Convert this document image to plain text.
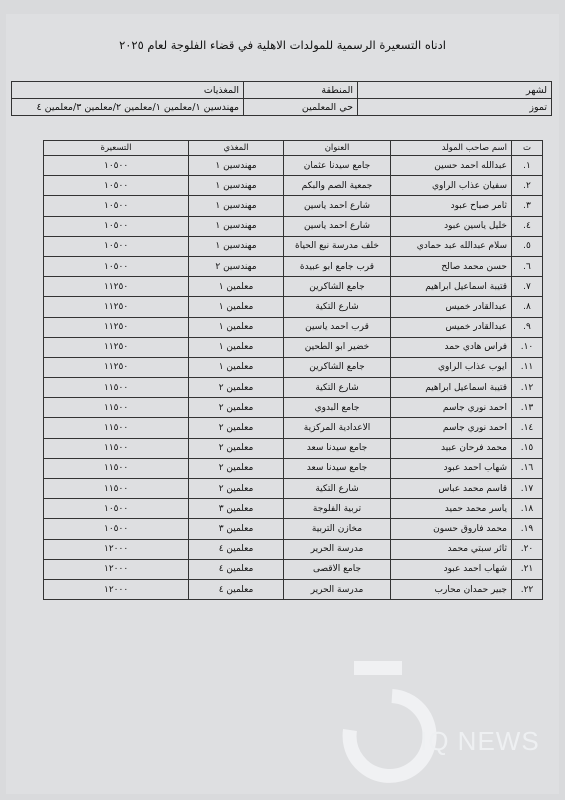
ادناه التسعيرة الرسمية للمولدات الاهلية في قضاء الفلوجة لعام ٢٠٢٥
لشهر	المنطقة	المغذيات
تموز	حي المعلمين	مهندسين ١/معلمين ١/معلمين ٢/معلمين ٣/معلمين ٤
ت	اسم صاحب المولد	العنوان	المغذي	التسعيرة
١.	عبدالله احمد حسين	جامع سيدنا عثمان	مهندسين ١	١٠٥٠٠
٢.	سفيان عذاب الراوي	جمعية الصم والبكم	مهندسين ١	١٠٥٠٠
٣.	ثامر صباح عبود	شارع احمد ياسين	مهندسين ١	١٠٥٠٠
٤.	خليل ياسين عبود	شارع احمد ياسين	مهندسين ١	١٠٥٠٠
٥.	سلام عبدالله عبد حمادي	خلف مدرسة نبع الحياة	مهندسين ١	١٠٥٠٠
٦.	حسن محمد صالح	قرب جامع ابو عبيدة	مهندسين ٢	١٠٥٠٠
٧.	قتيبة اسماعيل ابراهيم	جامع الشاكرين	معلمين ١	١١٢٥٠
٨.	عبدالقادر خميس	شارع التكية	معلمين ١	١١٢٥٠
٩.	عبدالقادر خميس	قرب احمد ياسين	معلمين ١	١١٢٥٠
١٠.	فراس هادي حمد	خضير ابو الطحين	معلمين ١	١١٢٥٠
١١.	ايوب عذاب الراوي	جامع الشاكرين	معلمين ١	١١٢٥٠
١٢.	قتيبة اسماعيل ابراهيم	شارع التكية	معلمين ٢	١١٥٠٠
١٣.	احمد نوري جاسم	جامع البدوي	معلمين ٢	١١٥٠٠
١٤.	احمد نوري جاسم	الاعدادية المركزية	معلمين ٢	١١٥٠٠
١٥.	محمد فرحان عبيد	جامع سيدنا سعد	معلمين ٢	١١٥٠٠
١٦.	شهاب احمد عبود	جامع سيدنا سعد	معلمين ٢	١١٥٠٠
١٧.	قاسم محمد عباس	شارع التكية	معلمين ٢	١١٥٠٠
١٨.	ياسر محمد حميد	تربية الفلوجة	معلمين ٣	١٠٥٠٠
١٩.	محمد فاروق حسون	مخازن التربية	معلمين ٣	١٠٥٠٠
٢٠.	ثائر سبتي محمد	مدرسة الحرير	معلمين ٤	١٢٠٠٠
٢١.	شهاب احمد عبود	جامع الاقصى	معلمين ٤	١٢٠٠٠
٢٢.	جبير حمدان محارب	مدرسة الحرير	معلمين ٤	١٢٠٠٠
IQ NEWS
